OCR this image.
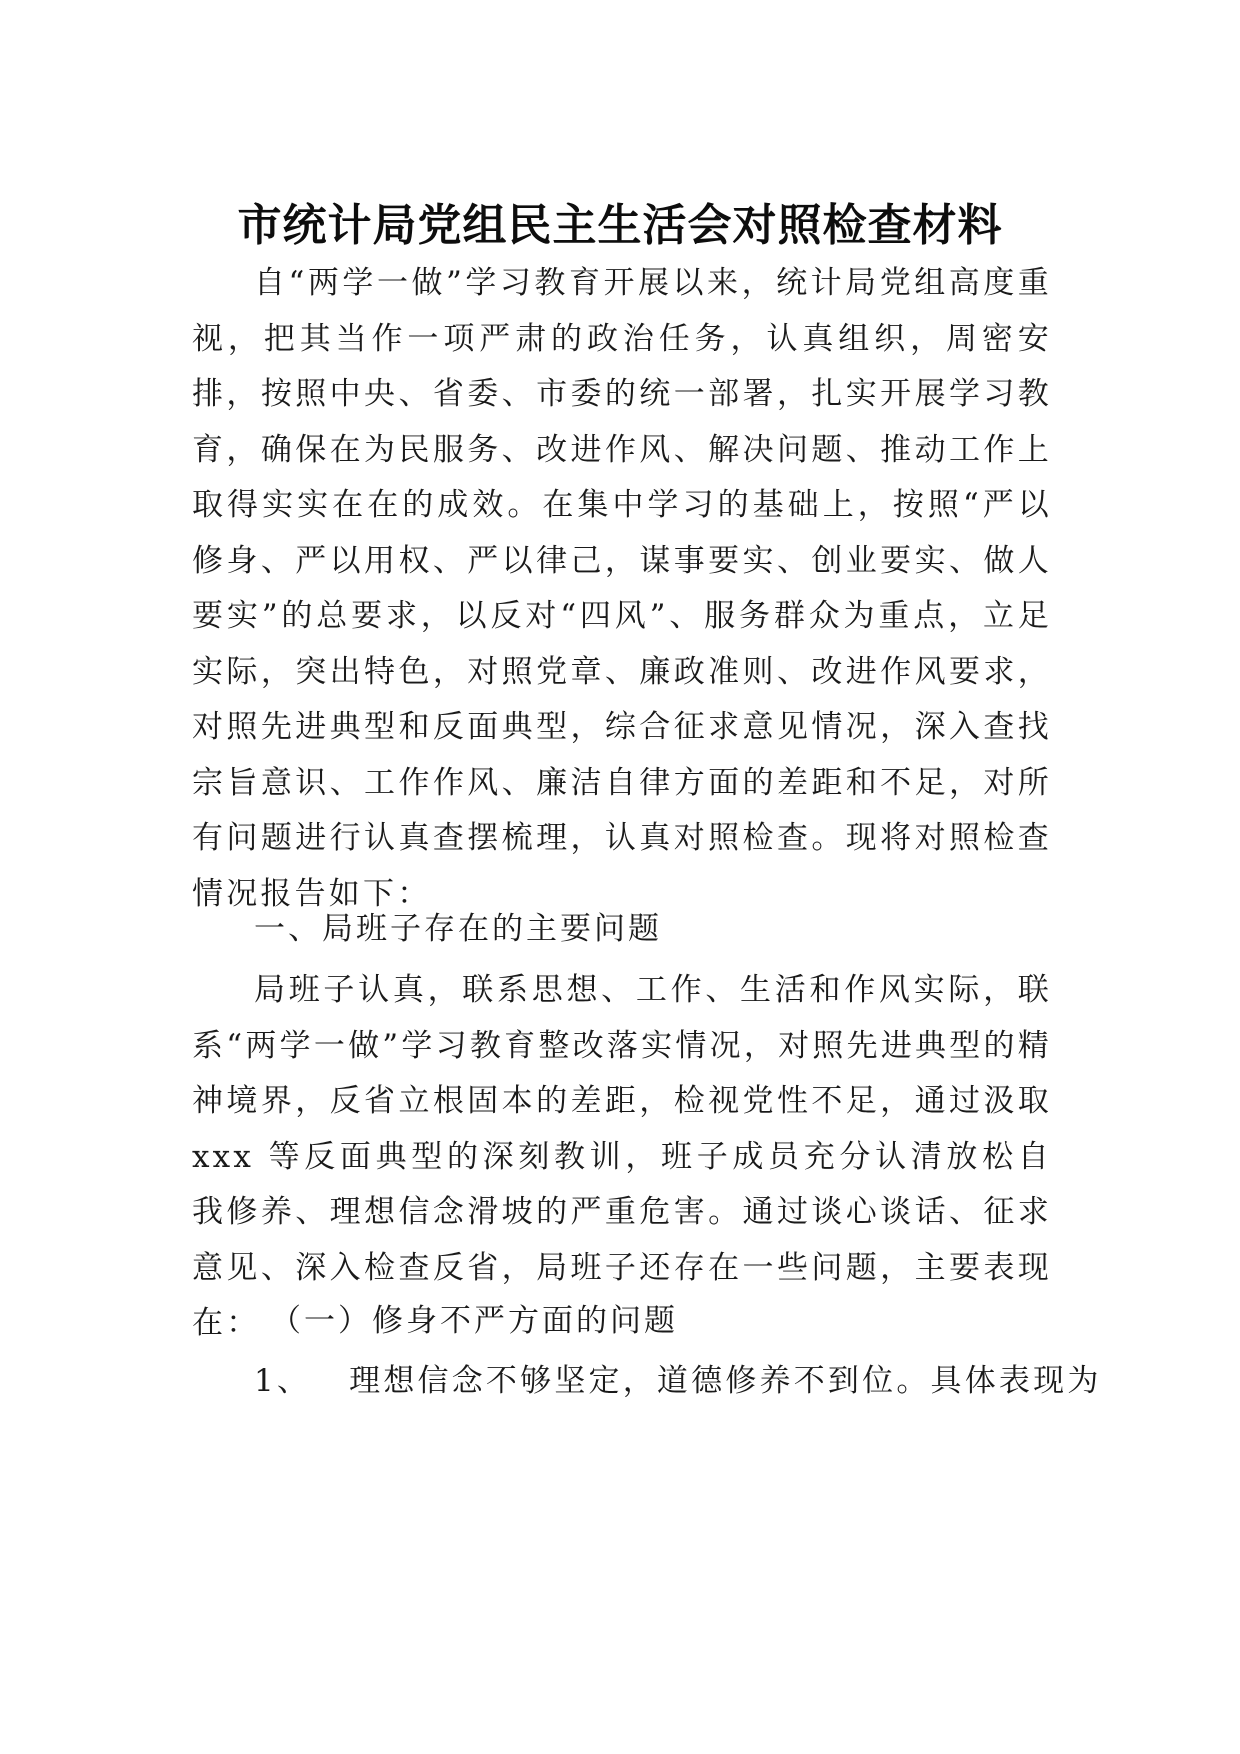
市统计局党组民主生活会对照检查材料

自“两学一做”学习教育开展以来，统计局党组高度重视，把其当作一项严肃的政治任务，认真组织，周密安排，按照中央、省委、市委的统一部署，扎实开展学习教育，确保在为民服务、改进作风、解决问题、推动工作上取得实实在在的成效。在集中学习的基础上，按照“严以修身、严以用权、严以律己，谋事要实、创业要实、做人要实”的总要求，以反对“四风”、服务群众为重点，立足实际，突出特色，对照党章、廉政准则、改进作风要求，对照先进典型和反面典型，综合征求意见情况，深入查找宗旨意识、工作作风、廉洁自律方面的差距和不足，对所有问题进行认真查摆梳理，认真对照检查。现将对照检查情况报告如下：

一、局班子存在的主要问题

局班子认真，联系思想、工作、生活和作风实际，联系“两学一做”学习教育整改落实情况，对照先进典型的精神境界，反省立根固本的差距，检视党性不足，通过汲取 xxx 等反面典型的深刻教训，班子成员充分认清放松自我修养、理想信念滑坡的严重危害。通过谈心谈话、征求意见、深入检查反省，局班子还存在一些问题，主要表现在： （一）修身不严方面的问题

1、 理想信念不够坚定，道德修养不到位。具体表现为
